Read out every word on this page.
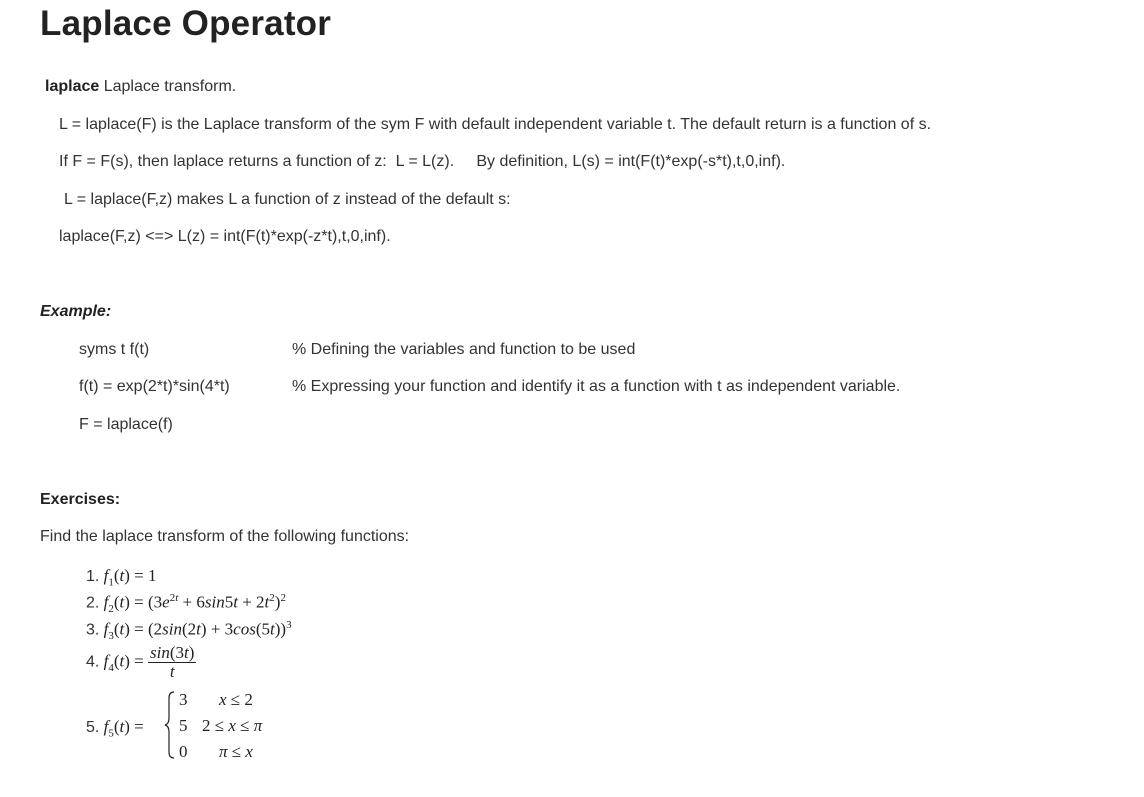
Laplace Operator
laplace Laplace transform.
L = laplace(F) is the Laplace transform of the sym F with default independent variable t. The default return is a function of s.
If F = F(s), then laplace returns a function of z:  L = L(z).     By definition, L(s) = int(F(t)*exp(-s*t),t,0,inf).
L = laplace(F,z) makes L a function of z instead of the default s:
laplace(F,z) <=> L(z) = int(F(t)*exp(-z*t),t,0,inf).
Example:
syms t f(t)	% Defining the variables and function to be used
f(t) = exp(2*t)*sin(4*t)	% Expressing your function and identify it as a function with t as independent variable.
F = laplace(f)
Exercises:
Find the laplace transform of the following functions:
1. $f_1(t) = 1$
2. $f_2(t) = (3e^{2t} + 6\sin 5t + 2t^2)^2$
3. $f_3(t) = (2\sin(2t) + 3\cos(5t))^3$
4. $f_4(t) = \frac{\sin(3t)}{t}$
5. $f_5(t)$ =
3 x ≤ 2
5 2 ≤ x ≤ π
0 π ≤ x
